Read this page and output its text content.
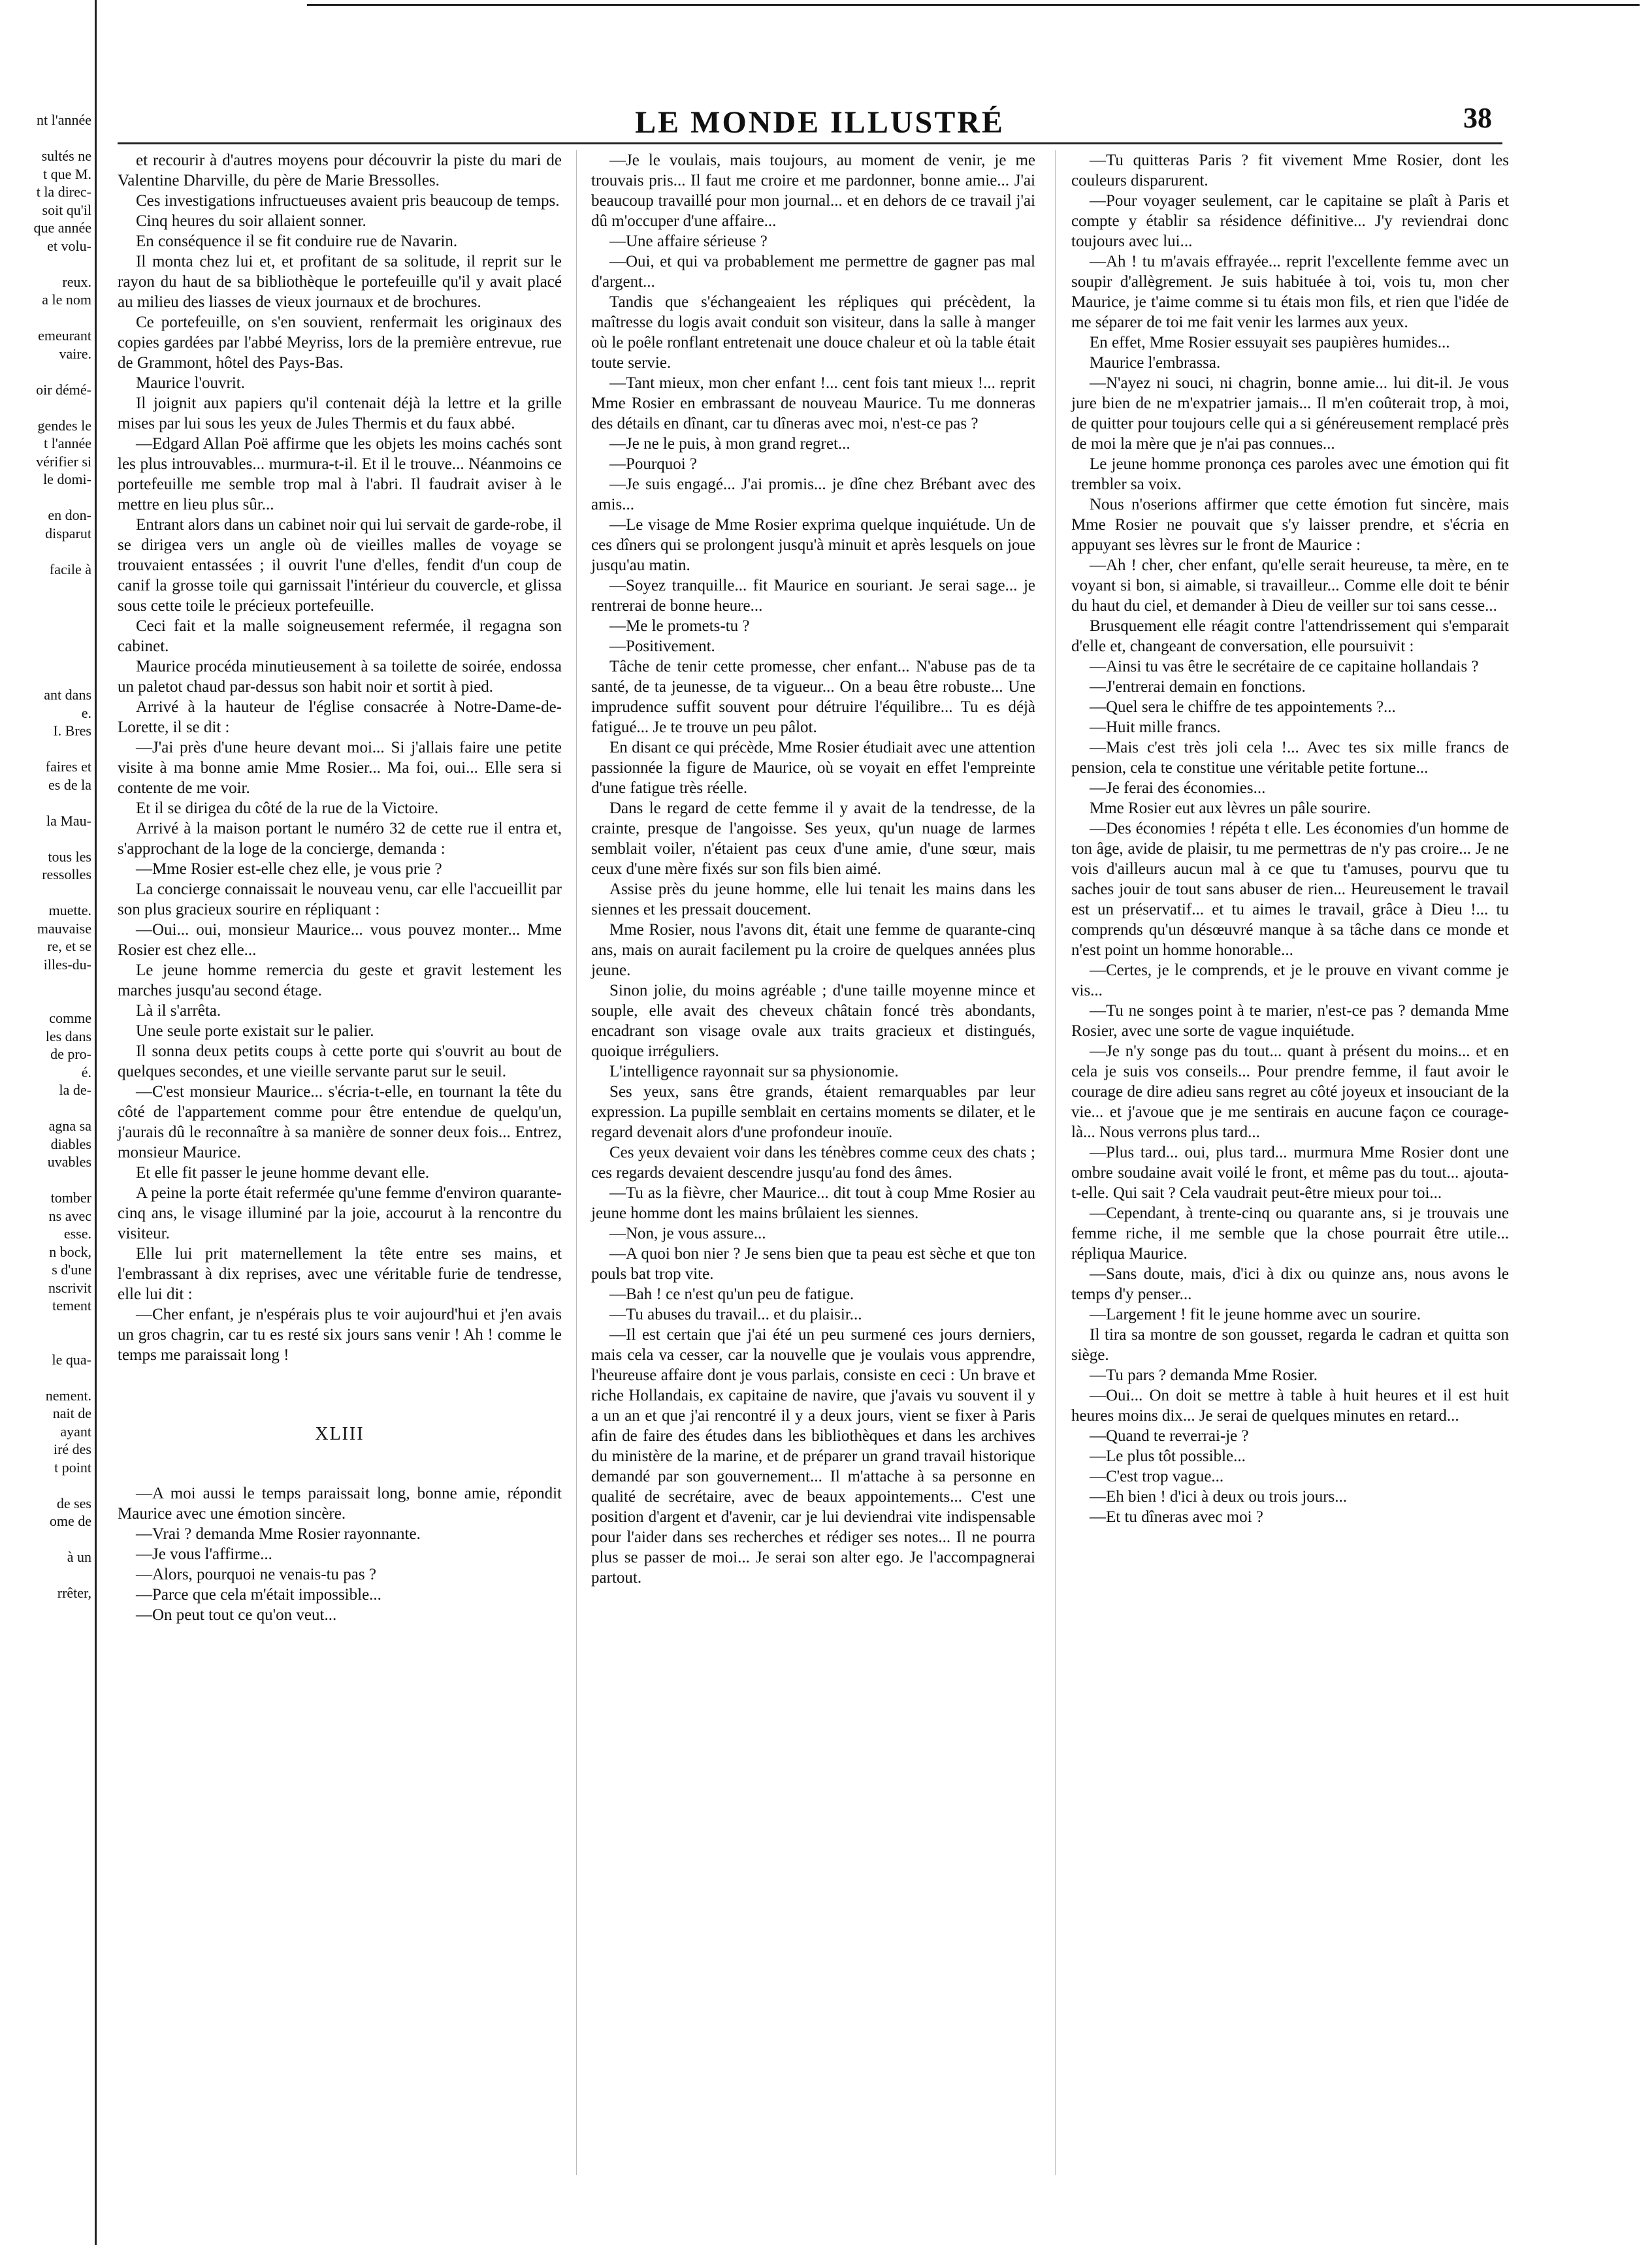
nt l'année
sultés ne
t que M.
t la direc-
soit qu'il
que année
et volu-
reux.
a le nom
emeurant
vaire.
oir démé-
gendes le
t l'année
vérifier si
le domi-
en don-
disparut
facile à
ant dans
e.
I. Bres
faires et
es de la
la Mau-
tous les
ressolles
muette.
mauvaise
re, et se
illes-du-
comme
les dans
de pro-
é.
la de-
agna sa
diables
uvables
tomber
ns avec
esse.
n bock,
s d'une
nscrivit
tement
le qua-
nement.
nait de
ayant
iré des
t point
de ses
ome de
à un
rrêter,
LE MONDE ILLUSTRÉ	38

et recourir à d'autres moyens pour découvrir la piste du mari de Valentine Dharville, du père de Marie Bressolles.

Ces investigations infructueuses avaient pris beaucoup de temps.

Cinq heures du soir allaient sonner.

En conséquence il se fit conduire rue de Navarin.

Il monta chez lui et, et profitant de sa solitude, il reprit sur le rayon du haut de sa bibliothèque le portefeuille qu'il y avait placé au milieu des liasses de vieux journaux et de brochures.

Ce portefeuille, on s'en souvient, renfermait les originaux des copies gardées par l'abbé Meyriss, lors de la première entrevue, rue de Grammont, hôtel des Pays-Bas.

Maurice l'ouvrit.

Il joignit aux papiers qu'il contenait déjà la lettre et la grille mises par lui sous les yeux de Jules Thermis et du faux abbé.

—Edgard Allan Poë affirme que les objets les moins cachés sont les plus introuvables... murmura-t-il. Et il le trouve... Néanmoins ce portefeuille me semble trop mal à l'abri. Il faudrait aviser à le mettre en lieu plus sûr...

Entrant alors dans un cabinet noir qui lui servait de garde-robe, il se dirigea vers un angle où de vieilles malles de voyage se trouvaient entassées ; il ouvrit l'une d'elles, fendit d'un coup de canif la grosse toile qui garnissait l'intérieur du couvercle, et glissa sous cette toile le précieux portefeuille.

Ceci fait et la malle soigneusement refermée, il regagna son cabinet.

Maurice procéda minutieusement à sa toilette de soirée, endossa un paletot chaud par-dessus son habit noir et sortit à pied.

Arrivé à la hauteur de l'église consacrée à Notre-Dame-de-Lorette, il se dit :

—J'ai près d'une heure devant moi... Si j'allais faire une petite visite à ma bonne amie Mme Rosier... Ma foi, oui... Elle sera si contente de me voir.

Et il se dirigea du côté de la rue de la Victoire.

Arrivé à la maison portant le numéro 32 de cette rue il entra et, s'approchant de la loge de la concierge, demanda :

—Mme Rosier est-elle chez elle, je vous prie ?

La concierge connaissait le nouveau venu, car elle l'accueillit par son plus gracieux sourire en répliquant :

—Oui... oui, monsieur Maurice... vous pouvez monter... Mme Rosier est chez elle...

Le jeune homme remercia du geste et gravit lestement les marches jusqu'au second étage.

Là il s'arrêta.

Une seule porte existait sur le palier.

Il sonna deux petits coups à cette porte qui s'ouvrit au bout de quelques secondes, et une vieille servante parut sur le seuil.

—C'est monsieur Maurice... s'écria-t-elle, en tournant la tête du côté de l'appartement comme pour être entendue de quelqu'un, j'aurais dû le reconnaître à sa manière de sonner deux fois... Entrez, monsieur Maurice.

Et elle fit passer le jeune homme devant elle.

A peine la porte était refermée qu'une femme d'environ quarante-cinq ans, le visage illuminé par la joie, accourut à la rencontre du visiteur.

Elle lui prit maternellement la tête entre ses mains, et l'embrassant à dix reprises, avec une véritable furie de tendresse, elle lui dit :

—Cher enfant, je n'espérais plus te voir aujourd'hui et j'en avais un gros chagrin, car tu es resté six jours sans venir ! Ah ! comme le temps me paraissait long !

XLIII

—A moi aussi le temps paraissait long, bonne amie, répondit Maurice avec une émotion sincère.

—Vrai ? demanda Mme Rosier rayonnante.

—Je vous l'affirme...

—Alors, pourquoi ne venais-tu pas ?

—Parce que cela m'était impossible...

—On peut tout ce qu'on veut...

—Je le voulais, mais toujours, au moment de venir, je me trouvais pris... Il faut me croire et me pardonner, bonne amie... J'ai beaucoup travaillé pour mon journal... et en dehors de ce travail j'ai dû m'occuper d'une affaire...

—Une affaire sérieuse ?

—Oui, et qui va probablement me permettre de gagner pas mal d'argent...

Tandis que s'échangeaient les répliques qui précèdent, la maîtresse du logis avait conduit son visiteur, dans la salle à manger où le poêle ronflant entretenait une douce chaleur et où la table était toute servie.

—Tant mieux, mon cher enfant !... cent fois tant mieux !... reprit Mme Rosier en embrassant de nouveau Maurice. Tu me donneras des détails en dînant, car tu dîneras avec moi, n'est-ce pas ?

—Je ne le puis, à mon grand regret...

—Pourquoi ?

—Je suis engagé... J'ai promis... je dîne chez Brébant avec des amis...

—Le visage de Mme Rosier exprima quelque inquiétude. Un de ces dîners qui se prolongent jusqu'à minuit et après lesquels on joue jusqu'au matin.

—Soyez tranquille... fit Maurice en souriant. Je serai sage... je rentrerai de bonne heure...

—Me le promets-tu ?

—Positivement.

Tâche de tenir cette promesse, cher enfant... N'abuse pas de ta santé, de ta jeunesse, de ta vigueur... On a beau être robuste... Une imprudence suffit souvent pour détruire l'équilibre... Tu es déjà fatigué... Je te trouve un peu pâlot.

En disant ce qui précède, Mme Rosier étudiait avec une attention passionnée la figure de Maurice, où se voyait en effet l'empreinte d'une fatigue très réelle.

Dans le regard de cette femme il y avait de la tendresse, de la crainte, presque de l'angoisse. Ses yeux, qu'un nuage de larmes semblait voiler, n'étaient pas ceux d'une amie, d'une sœur, mais ceux d'une mère fixés sur son fils bien aimé.

Assise près du jeune homme, elle lui tenait les mains dans les siennes et les pressait doucement.

Mme Rosier, nous l'avons dit, était une femme de quarante-cinq ans, mais on aurait facilement pu la croire de quelques années plus jeune.

Sinon jolie, du moins agréable ; d'une taille moyenne mince et souple, elle avait des cheveux châtain foncé très abondants, encadrant son visage ovale aux traits gracieux et distingués, quoique irréguliers.

L'intelligence rayonnait sur sa physionomie.

Ses yeux, sans être grands, étaient remarquables par leur expression. La pupille semblait en certains moments se dilater, et le regard devenait alors d'une profondeur inouïe.

Ces yeux devaient voir dans les ténèbres comme ceux des chats ; ces regards devaient descendre jusqu'au fond des âmes.

—Tu as la fièvre, cher Maurice... dit tout à coup Mme Rosier au jeune homme dont les mains brûlaient les siennes.

—Non, je vous assure...

—A quoi bon nier ? Je sens bien que ta peau est sèche et que ton pouls bat trop vite.

—Bah ! ce n'est qu'un peu de fatigue.

—Tu abuses du travail... et du plaisir...

—Il est certain que j'ai été un peu surmené ces jours derniers, mais cela va cesser, car la nouvelle que je voulais vous apprendre, l'heureuse affaire dont je vous parlais, consiste en ceci : Un brave et riche Hollandais, ex capitaine de navire, que j'avais vu souvent il y a un an et que j'ai rencontré il y a deux jours, vient se fixer à Paris afin de faire des études dans les bibliothèques et dans les archives du ministère de la marine, et de préparer un grand travail historique demandé par son gouvernement... Il m'attache à sa personne en qualité de secrétaire, avec de beaux appointements... C'est une position d'argent et d'avenir, car je lui deviendrai vite indispensable pour l'aider dans ses recherches et rédiger ses notes... Il ne pourra plus se passer de moi... Je serai son alter ego. Je l'accompagnerai partout.

—Tu quitteras Paris ? fit vivement Mme Rosier, dont les couleurs disparurent.

—Pour voyager seulement, car le capitaine se plaît à Paris et compte y établir sa résidence définitive... J'y reviendrai donc toujours avec lui...

—Ah ! tu m'avais effrayée... reprit l'excellente femme avec un soupir d'allègrement. Je suis habituée à toi, vois tu, mon cher Maurice, je t'aime comme si tu étais mon fils, et rien que l'idée de me séparer de toi me fait venir les larmes aux yeux.

En effet, Mme Rosier essuyait ses paupières humides...

Maurice l'embrassa.

—N'ayez ni souci, ni chagrin, bonne amie... lui dit-il. Je vous jure bien de ne m'expatrier jamais... Il m'en coûterait trop, à moi, de quitter pour toujours celle qui a si généreusement remplacé près de moi la mère que je n'ai pas connues...

Le jeune homme prononça ces paroles avec une émotion qui fit trembler sa voix.

Nous n'oserions affirmer que cette émotion fut sincère, mais Mme Rosier ne pouvait que s'y laisser prendre, et s'écria en appuyant ses lèvres sur le front de Maurice :

—Ah ! cher, cher enfant, qu'elle serait heureuse, ta mère, en te voyant si bon, si aimable, si travailleur... Comme elle doit te bénir du haut du ciel, et demander à Dieu de veiller sur toi sans cesse...

Brusquement elle réagit contre l'attendrissement qui s'emparait d'elle et, changeant de conversation, elle poursuivit :

—Ainsi tu vas être le secrétaire de ce capitaine hollandais ?

—J'entrerai demain en fonctions.

—Quel sera le chiffre de tes appointements ?...

—Huit mille francs.

—Mais c'est très joli cela !... Avec tes six mille francs de pension, cela te constitue une véritable petite fortune...

—Je ferai des économies...

Mme Rosier eut aux lèvres un pâle sourire.

—Des économies ! répéta t elle. Les économies d'un homme de ton âge, avide de plaisir, tu me permettras de n'y pas croire... Je ne vois d'ailleurs aucun mal à ce que tu t'amuses, pourvu que tu saches jouir de tout sans abuser de rien... Heureusement le travail est un préservatif... et tu aimes le travail, grâce à Dieu !... tu comprends qu'un désœuvré manque à sa tâche dans ce monde et n'est point un homme honorable...

—Certes, je le comprends, et je le prouve en vivant comme je vis...

—Tu ne songes point à te marier, n'est-ce pas ? demanda Mme Rosier, avec une sorte de vague inquiétude.

—Je n'y songe pas du tout... quant à présent du moins... et en cela je suis vos conseils... Pour prendre femme, il faut avoir le courage de dire adieu sans regret au côté joyeux et insouciant de la vie... et j'avoue que je me sentirais en aucune façon ce courage-là... Nous verrons plus tard...

—Plus tard... oui, plus tard... murmura Mme Rosier dont une ombre soudaine avait voilé le front, et même pas du tout... ajouta-t-elle. Qui sait ? Cela vaudrait peut-être mieux pour toi...

—Cependant, à trente-cinq ou quarante ans, si je trouvais une femme riche, il me semble que la chose pourrait être utile... répliqua Maurice.

—Sans doute, mais, d'ici à dix ou quinze ans, nous avons le temps d'y penser...

—Largement ! fit le jeune homme avec un sourire.

Il tira sa montre de son gousset, regarda le cadran et quitta son siège.

—Tu pars ? demanda Mme Rosier.

—Oui... On doit se mettre à table à huit heures et il est huit heures moins dix... Je serai de quelques minutes en retard...

—Quand te reverrai-je ?

—Le plus tôt possible...

—C'est trop vague...

—Eh bien ! d'ici à deux ou trois jours...

—Et tu dîneras avec moi ?
